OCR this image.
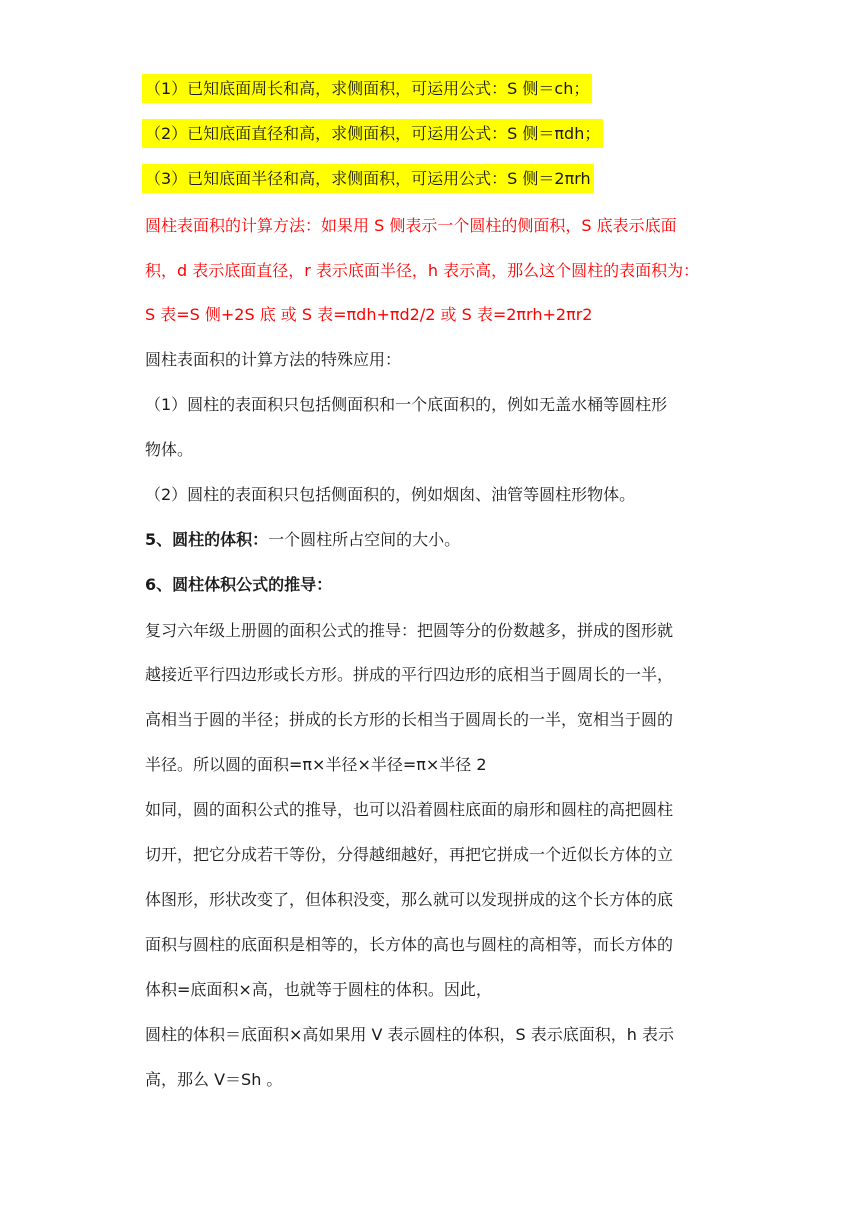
（1）已知底面周长和高，求侧面积，可运用公式：S 侧＝ch；
（2）已知底面直径和高，求侧面积，可运用公式：S 侧＝πdh；
（3）已知底面半径和高，求侧面积，可运用公式：S 侧＝2πrh
圆柱表面积的计算方法：如果用 S 侧表示一个圆柱的侧面积，S 底表示底面
积，d 表示底面直径，r 表示底面半径，h 表示高，那么这个圆柱的表面积为：
S 表=S 侧+2S 底 或 S 表=πdh+πd2/2 或 S 表=2πrh+2πr2
圆柱表面积的计算方法的特殊应用：
（1）圆柱的表面积只包括侧面积和一个底面积的，例如无盖水桶等圆柱形
物体。
（2）圆柱的表面积只包括侧面积的，例如烟囱、油管等圆柱形物体。
5、圆柱的体积：一个圆柱所占空间的大小。
6、圆柱体积公式的推导：
复习六年级上册圆的面积公式的推导：把圆等分的份数越多，拼成的图形就
越接近平行四边形或长方形。拼成的平行四边形的底相当于圆周长的一半，
高相当于圆的半径；拼成的长方形的长相当于圆周长的一半，宽相当于圆的
半径。所以圆的面积=π×半径×半径=π×半径 2
如同，圆的面积公式的推导，也可以沿着圆柱底面的扇形和圆柱的高把圆柱
切开，把它分成若干等份，分得越细越好，再把它拼成一个近似长方体的立
体图形，形状改变了，但体积没变，那么就可以发现拼成的这个长方体的底
面积与圆柱的底面积是相等的，长方体的高也与圆柱的高相等，而长方体的
体积=底面积×高，也就等于圆柱的体积。因此，
圆柱的体积＝底面积×高如果用 V 表示圆柱的体积，S 表示底面积，h 表示
高，那么 V＝Sh 。
